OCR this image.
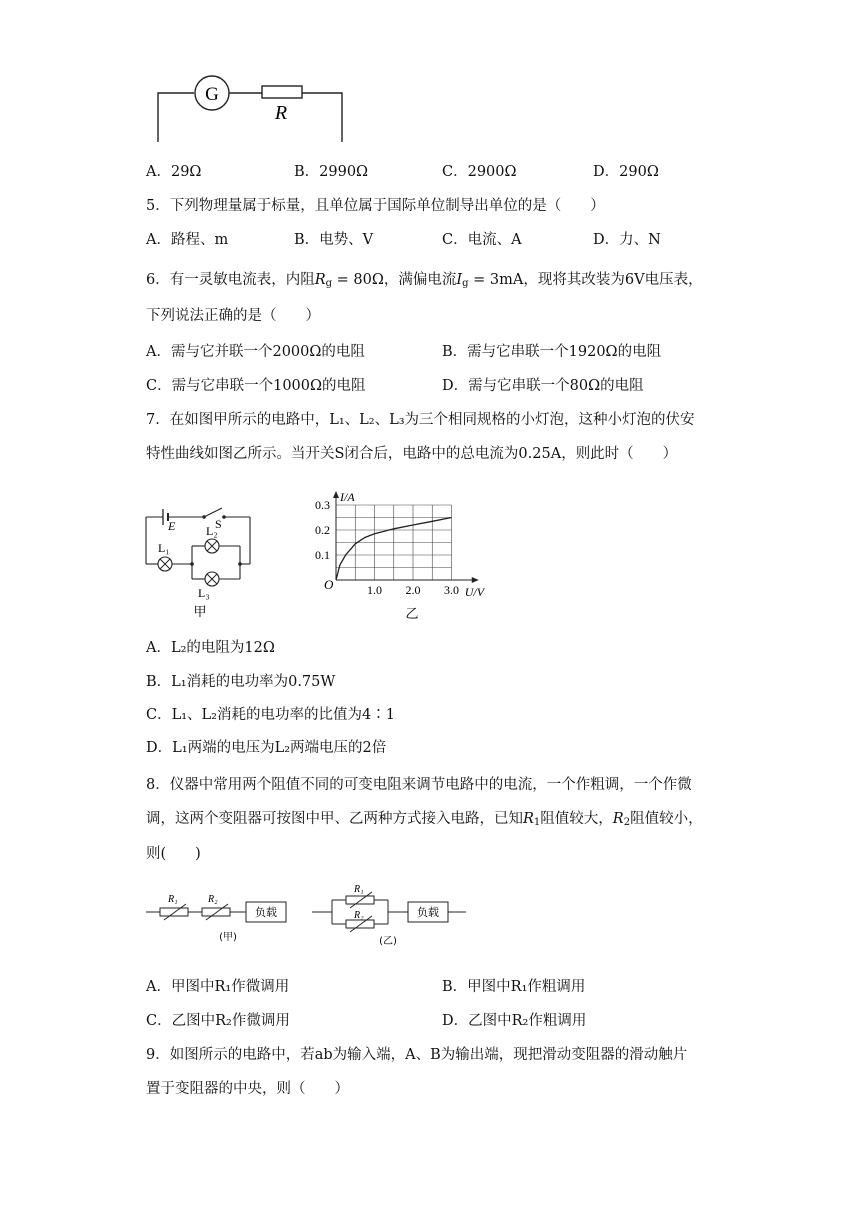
G
R
A．29Ω	B．2990Ω	C．2900Ω	D．290Ω
5．下列物理量属于标量，且单位属于国际单位制导出单位的是（　　）
A．路程、m	B．电势、V	C．电流、A	D．力、N
6．有一灵敏电流表，内阻$R_g = 80\Omega$，满偏电流$I_g = 3mA$，现将其改装为6V电压表，
下列说法正确的是（　　）
A．需与它并联一个2000Ω的电阻	B．需与它串联一个1920Ω的电阻
C．需与它串联一个1000Ω的电阻	D．需与它串联一个80Ω的电阻
7．在如图甲所示的电路中，L₁、L₂、L₃为三个相同规格的小灯泡，这种小灯泡的伏安
特性曲线如图乙所示。当开关S闭合后，电路中的总电流为0.25A，则此时（　　）
E	S
L₁
L₂
L₃
甲
1.0 2.0 3.0
0.1
0.2
0.3
O	U/V
I/A
乙
A．L₂的电阻为12Ω
B．L₁消耗的电功率为0.75W
C．L₁、L₂消耗的电功率的比值为4∶1
D．L₁两端的电压为L₂两端电压的2倍
8．仪器中常用两个阻值不同的可变电阻来调节电路中的电流，一个作粗调，一个作微
调，这两个变阻器可按图中甲、乙两种方式接入电路，已知$R_1$阻值较大，$R_2$阻值较小，
则(　　)
R₁	R₂
负载
(甲)
R₁
R₂	负载
(乙)
A．甲图中R₁作微调用	B．甲图中R₁作粗调用
C．乙图中R₂作微调用	D．乙图中R₂作粗调用
9．如图所示的电路中，若ab为输入端，A、B为输出端，现把滑动变阻器的滑动触片
置于变阻器的中央，则（　　）
